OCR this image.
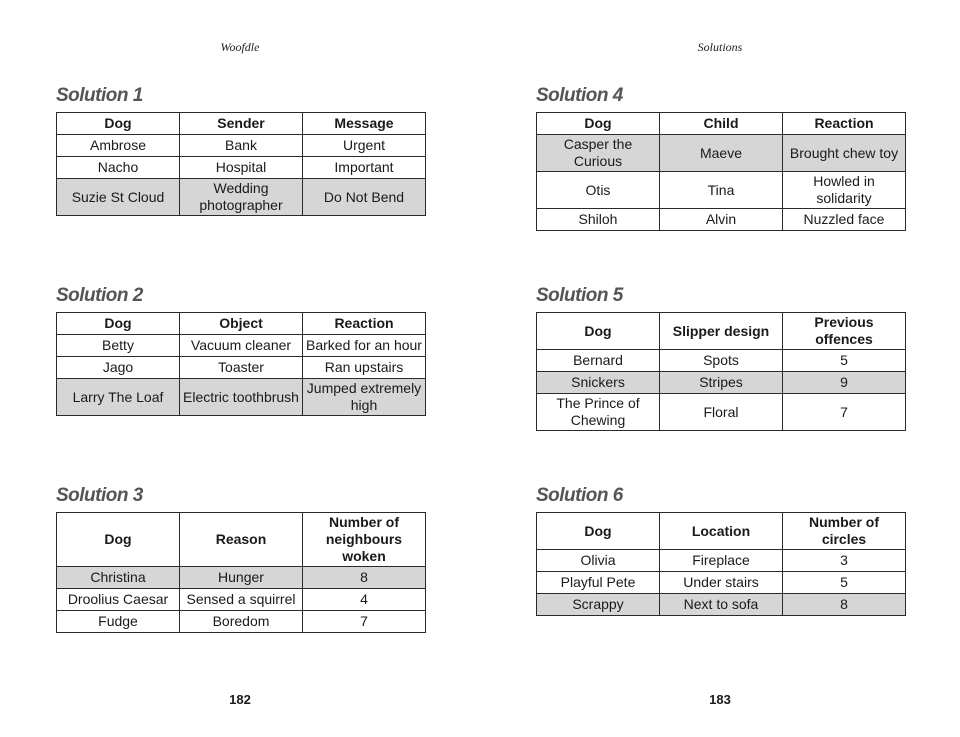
Woofdle
Solution 1
Dog	Sender	Message
Ambrose	Bank	Urgent
Nacho	Hospital	Important
Suzie St Cloud	Wedding photographer	Do Not Bend
Solution 2
Dog	Object	Reaction
Betty	Vacuum cleaner	Barked for an hour
Jago	Toaster	Ran upstairs
Larry The Loaf	Electric toothbrush	Jumped extremely high
Solution 3
Dog	Reason	Number of neighbours woken
Christina	Hunger	8
Droolius Caesar	Sensed a squirrel	4
Fudge	Boredom	7
182
Solutions
Solution 4
Dog	Child	Reaction
Casper the Curious	Maeve	Brought chew toy
Otis	Tina	Howled in solidarity
Shiloh	Alvin	Nuzzled face
Solution 5
Dog	Slipper design	Previous offences
Bernard	Spots	5
Snickers	Stripes	9
The Prince of Chewing	Floral	7
Solution 6
Dog	Location	Number of circles
Olivia	Fireplace	3
Playful Pete	Under stairs	5
Scrappy	Next to sofa	8
183
